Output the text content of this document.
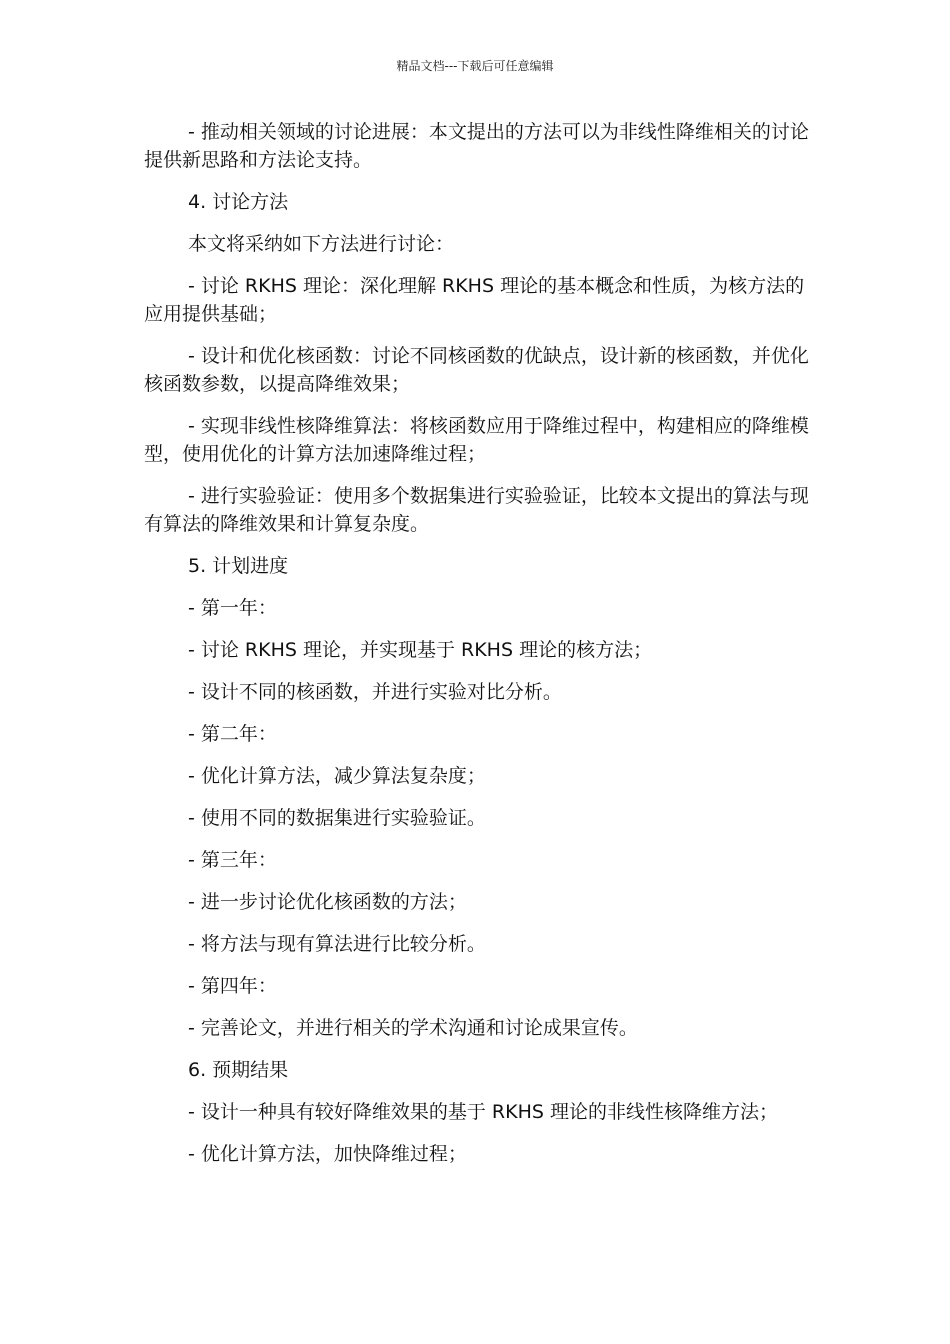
精品文档---下载后可任意编辑

- 推动相关领域的讨论进展：本文提出的方法可以为非线性降维相关的讨论提供新思路和方法论支持。

4. 讨论方法

本文将采纳如下方法进行讨论：

- 讨论 RKHS 理论：深化理解 RKHS 理论的基本概念和性质，为核方法的应用提供基础；

- 设计和优化核函数：讨论不同核函数的优缺点，设计新的核函数，并优化核函数参数，以提高降维效果；

- 实现非线性核降维算法：将核函数应用于降维过程中，构建相应的降维模型，使用优化的计算方法加速降维过程；

- 进行实验验证：使用多个数据集进行实验验证，比较本文提出的算法与现有算法的降维效果和计算复杂度。

5. 计划进度

- 第一年：

- 讨论 RKHS 理论，并实现基于 RKHS 理论的核方法；

- 设计不同的核函数，并进行实验对比分析。

- 第二年：

- 优化计算方法，减少算法复杂度；

- 使用不同的数据集进行实验验证。

- 第三年：

- 进一步讨论优化核函数的方法；

- 将方法与现有算法进行比较分析。

- 第四年：

- 完善论文，并进行相关的学术沟通和讨论成果宣传。

6. 预期结果

- 设计一种具有较好降维效果的基于 RKHS 理论的非线性核降维方法；

- 优化计算方法，加快降维过程；
